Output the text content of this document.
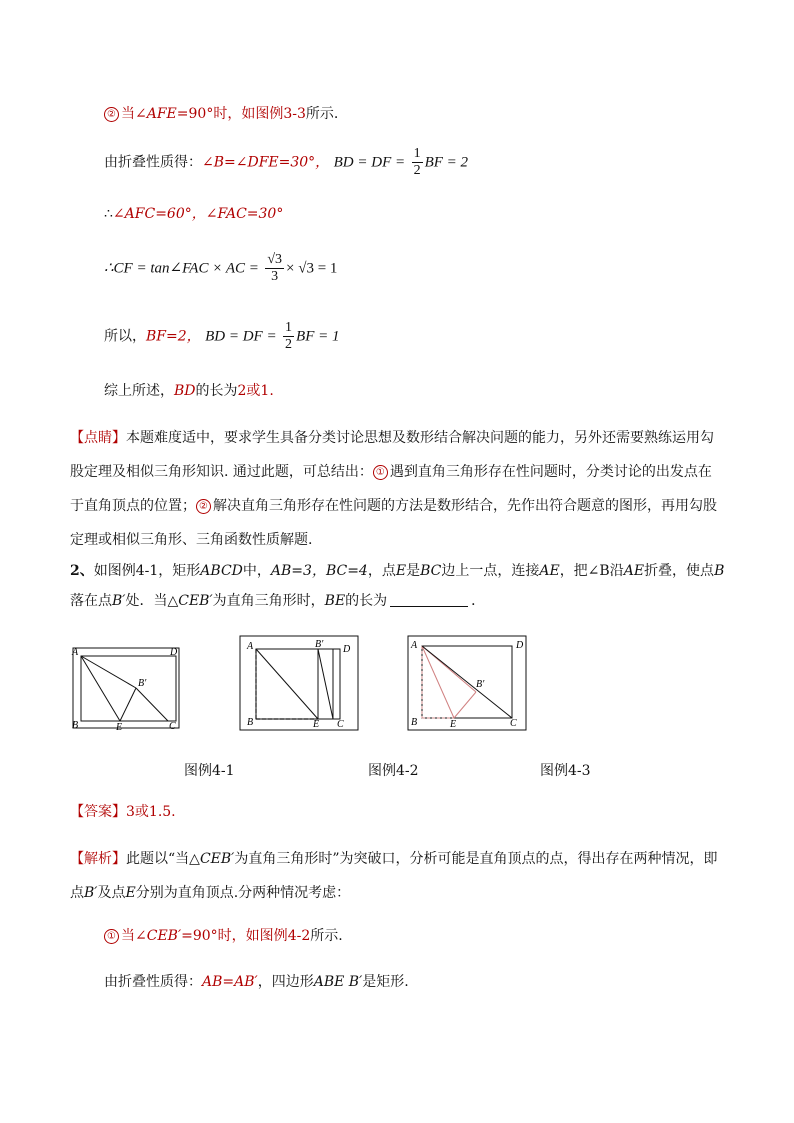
② 当∠AFE=90°时，如图例3-3所示.
由折叠性质得：∠B=∠DFE=30°， BD = DF = $\frac{1}{2}$ BF = 2
∴∠AFC=60°，∠FAC=30°
∴CF = tan∠FAC × AC = $\frac{√3}{3} \times √3 = 1$
所以，BF=2， BD = DF = $\frac{1}{2}$ BF = 1
综上所述，BD的长为2或1.
【点睛】本题难度适中，要求学生具备分类讨论思想及数形结合解决问题的能力，另外还需要熟练运用勾股定理及相似三角形知识. 通过此题，可总结出： ① 遇到直角三角形存在性问题时，分类讨论的出发点在于直角顶点的位置； ② 解决直角三角形存在性问题的方法是数形结合，先作出符合题意的图形，再用勾股定理或相似三角形、三角函数性质解题.
2、如图例4-1，矩形ABCD中，AB=3，BC=4，点E是BC边上一点，连接AE，把∠B沿AE折叠，使点B落在点B′处．当△CEB′为直角三角形时，BE的长为	．
A
B	C
D
E
B′
A
B	C
D
E
B′	A
B	C
D
E
B′
图例4-1	图例4-2	图例4-3
【答案】3或1.5.
【解析】此题以“当△CEB′为直角三角形时”为突破口，分析可能是直角顶点的点，得出存在两种情况，即点B′及点E分别为直角顶点.分两种情况考虑：
① 当∠CEB′=90°时，如图例4-2所示.
由折叠性质得：AB=AB′，四边形ABE B′是矩形.
